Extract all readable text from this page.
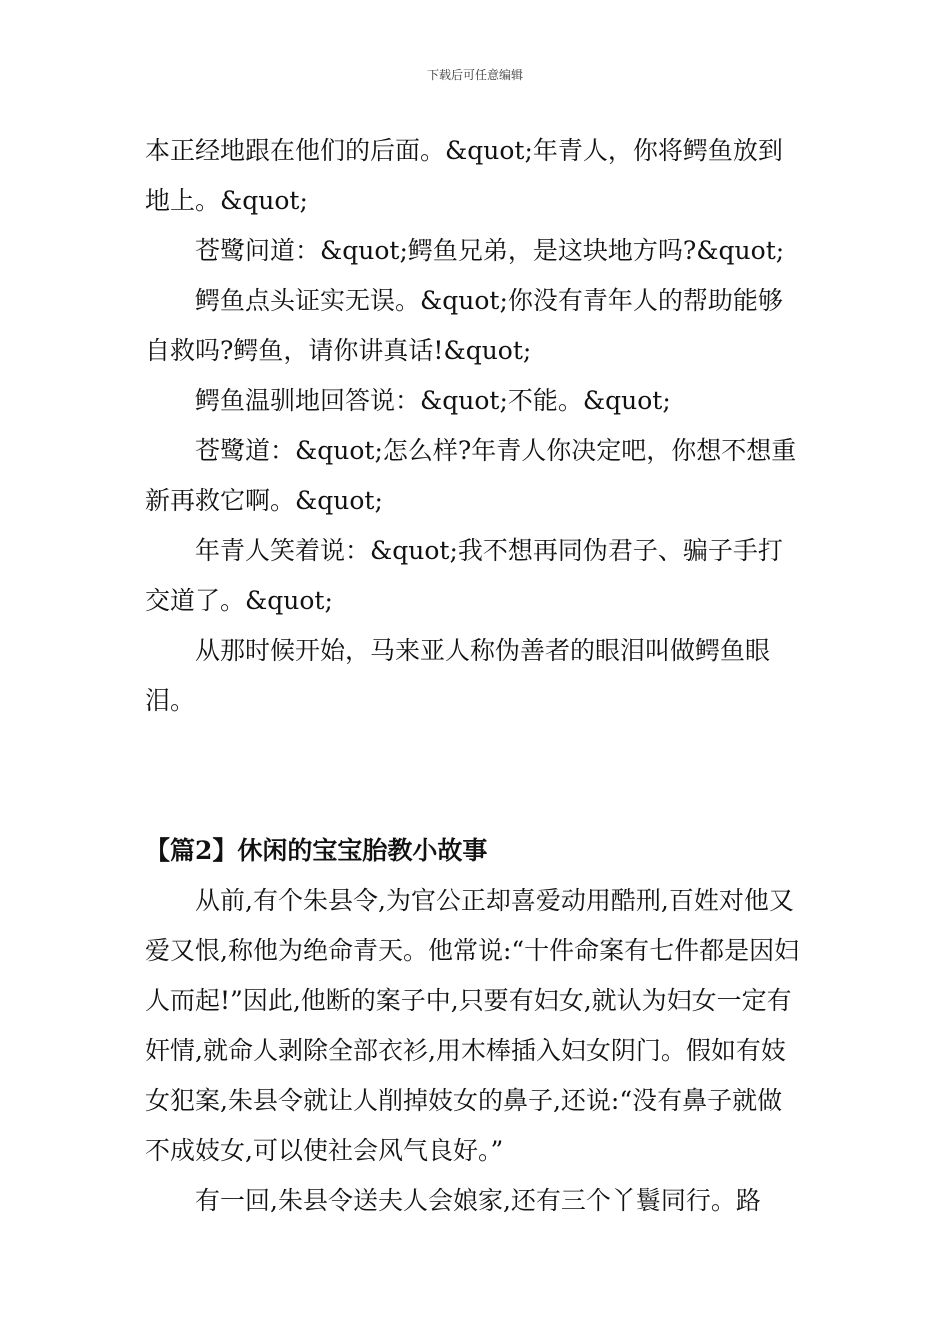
下载后可任意编辑

本正经地跟在他们的后面。&quot;年青人，你将鳄鱼放到地上。&quot;

苍鹭问道：&quot;鳄鱼兄弟，是这块地方吗?&quot;

鳄鱼点头证实无误。&quot;你没有青年人的帮助能够自救吗?鳄鱼，请你讲真话!&quot;

鳄鱼温驯地回答说：&quot;不能。&quot;

苍鹭道：&quot;怎么样?年青人你决定吧，你想不想重新再救它啊。&quot;

年青人笑着说：&quot;我不想再同伪君子、骗子手打交道了。&quot;

从那时候开始，马来亚人称伪善者的眼泪叫做鳄鱼眼泪。

【篇2】休闲的宝宝胎教小故事

从前,有个朱县令,为官公正却喜爱动用酷刑,百姓对他又爱又恨,称他为绝命青天。他常说:“十件命案有七件都是因妇人而起!”因此,他断的案子中,只要有妇女,就认为妇女一定有奸情,就命人剥除全部衣衫,用木棒插入妇女阴门。假如有妓女犯案,朱县令就让人削掉妓女的鼻子,还说:“没有鼻子就做不成妓女,可以使社会风气良好。”

有一回,朱县令送夫人会娘家,还有三个丫鬟同行。路
